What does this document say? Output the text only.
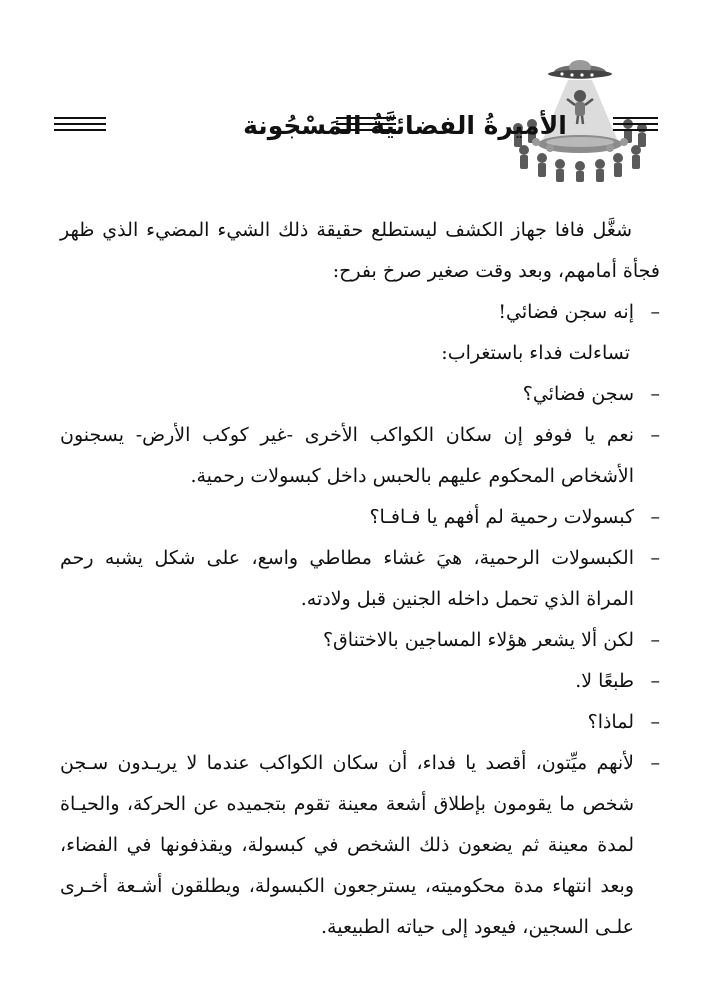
الأميرةُ الفضائيَّةُ المَسْجُونة

شغَّل فافا جهاز الكشف ليستطلع حقيقة ذلك الشيء المضيء الذي ظهر فجأة أمامهم، وبعد وقت صغير صرخ بفرح:

– إنه سجن فضائي!

تساءلت فداء باستغراب:

– سجن فضائي؟

– نعم يا فوفو إن سكان الكواكب الأخرى -غير كوكب الأرض- يسجنون الأشخاص المحكوم عليهم بالحبس داخل كبسولات رحمية.

– كبسولات رحمية لم أفهم يا فـافـا؟

– الكبسولات الرحمية، هيَ غشاء مطاطي واسع، على شكل يشبه رحم المراة الذي تحمل داخله الجنين قبل ولادته.

– لكن ألا يشعر هؤلاء المساجين بالاختناق؟

– طبعًا لا.

– لماذا؟

– لأنهم ميِّتون، أقصد يا فداء، أن سكان الكواكب عندما لا يريـدون سـجن شخص ما يقومون بإطلاق أشعة معينة تقوم بتجميده عن الحركة، والحيـاة لمدة معينة ثم يضعون ذلك الشخص في كبسولة، ويقذفونها في الفضاء، وبعد انتهاء مدة محكوميته، يسترجعون الكبسولة، ويطلقون أشـعة أخـرى علـى السجين، فيعود إلى حياته الطبيعية.
